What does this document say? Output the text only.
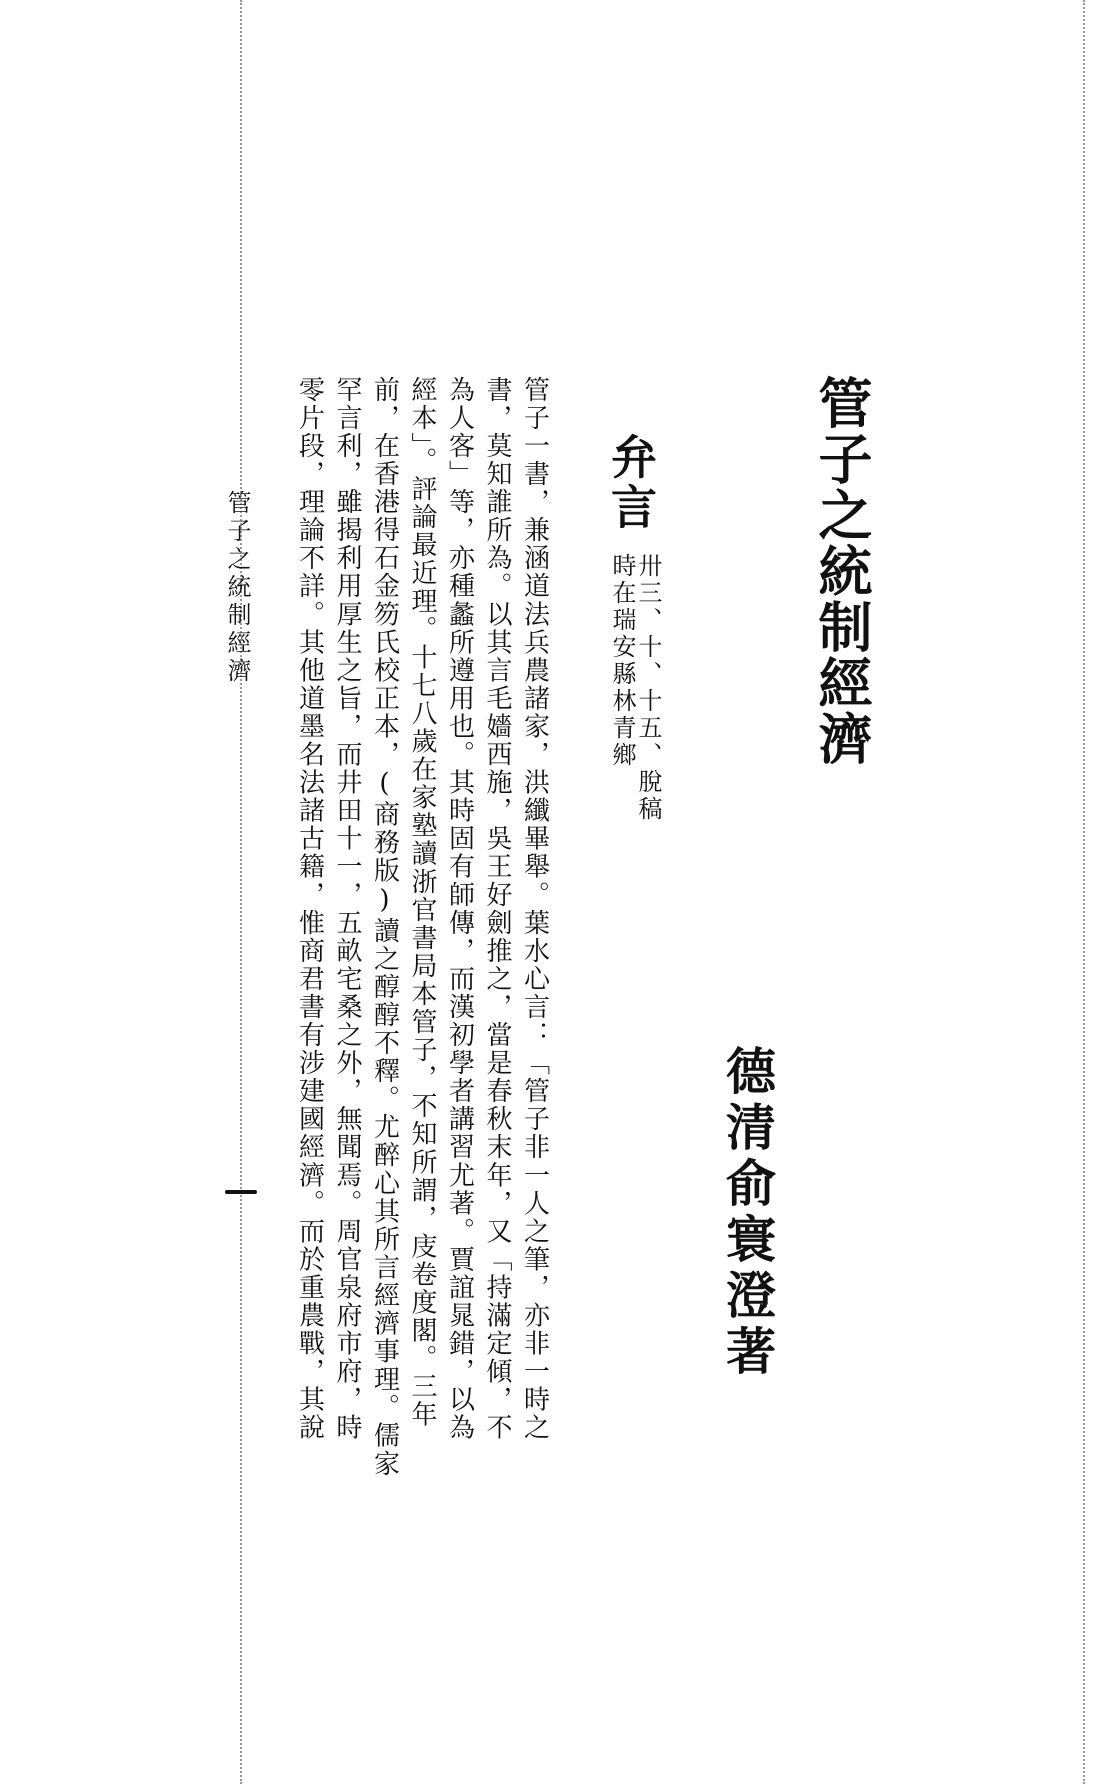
管子之統制經濟
德清俞寰澄著
弁言
卅三、十、十五、脫稿
時在瑞安縣林青鄉
管子一書，兼涵道法兵農諸家，洪纖畢舉。葉水心言：「管子非一人之筆，亦非一時之
書，莫知誰所為。以其言毛嬙西施，吳王好劍推之，當是春秋末年，又「持滿定傾，不
為人客」等，亦種蠡所遵用也。其時固有師傳，而漢初學者講習尤著。賈誼晁錯，以為
經本」。評論最近理。十七八歲在家塾讀浙官書局本管子，不知所謂，庋卷度閣。三年
前，在香港得石金笏氏校正本，(商務版)讀之醇醇不釋。尤醉心其所言經濟事理。儒家
罕言利，雖揭利用厚生之旨，而井田十一，五畝宅桑之外，無聞焉。周官泉府市府，時
零片段，理論不詳。其他道墨名法諸古籍，惟商君書有涉建國經濟。而於重農戰，其說
管子之統制經濟
